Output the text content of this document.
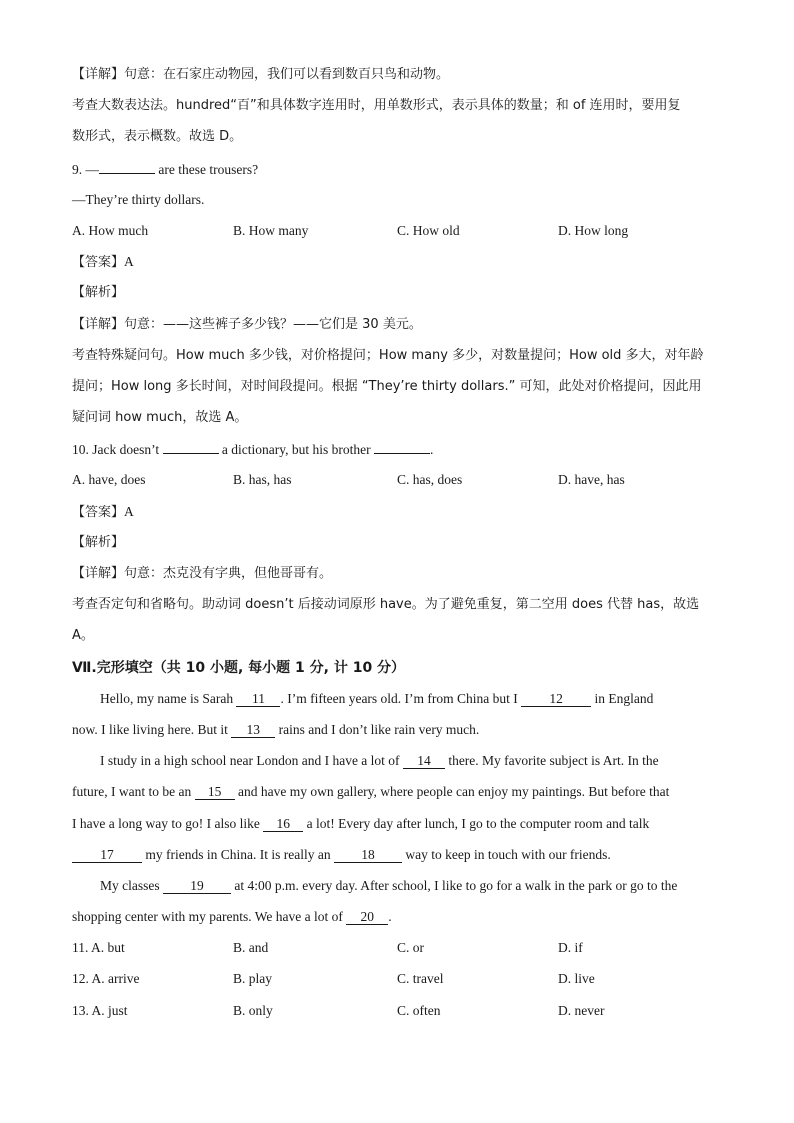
【详解】句意：在石家庄动物园，我们可以看到数百只鸟和动物。
考查大数表达法。hundred“百”和具体数字连用时，用单数形式，表示具体的数量；和 of 连用时，要用复
数形式，表示概数。故选 D。
9. —	are these trousers?
—They’re thirty dollars.
A. How much	B. How many	C. How old	D. How long
【答案】A
【解析】
【详解】句意：——这些裤子多少钱？——它们是 30 美元。
考查特殊疑问句。How much 多少钱，对价格提问；How many 多少，对数量提问；How old 多大，对年龄
提问；How long 多长时间，对时间段提问。根据 “They’re thirty dollars.” 可知，此处对价格提问，因此用
疑问词 how much，故选 A。
10. Jack doesn’t	a dictionary, but his brother	.
A. have, does	B. has, has	C. has, does	D. have, has
【答案】A
【解析】
【详解】句意：杰克没有字典，但他哥哥有。
考查否定句和省略句。助动词 doesn’t 后接动词原形 have。为了避免重复，第二空用 does 代替 has，故选
A。
Ⅶ.完形填空（共 10 小题, 每小题 1 分, 计 10 分）
Hello, my name is Sarah 11 . I’m fifteen years old. I’m from China but I 12 in England
now. I like living here. But it 13 rains and I don’t like rain very much.
I study in a high school near London and I have a lot of 14 there. My favorite subject is Art. In the
future, I want to be an 15 and have my own gallery, where people can enjoy my paintings. But before that
I have a long way to go! I also like 16 a lot! Every day after lunch, I go to the computer room and talk
17 my friends in China. It is really an 18 way to keep in touch with our friends.
My classes 19 at 4:00 p.m. every day. After school, I like to go for a walk in the park or go to the
shopping center with my parents. We have a lot of 20 .
11. A. but	B. and	C. or	D. if
12. A. arrive	B. play	C. travel	D. live
13. A. just	B. only	C. often	D. never
